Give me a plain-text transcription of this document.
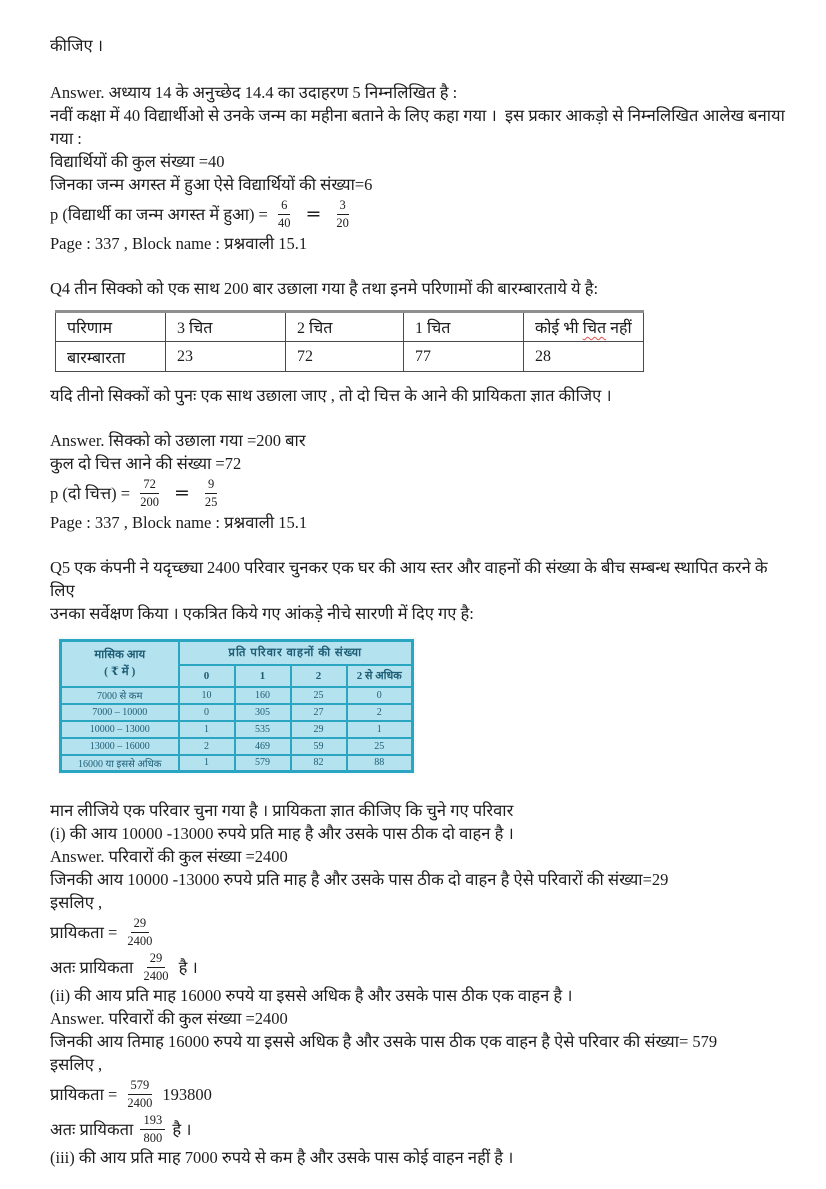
कीजिए ।

Answer. अध्याय 14 के अनुच्छेद 14.4 का उदाहरण 5 निम्नलिखित है :

नवीं कक्षा में 40 विद्यार्थीओ से उनके जन्म का महीना बताने के लिए कहा गया ।  इस प्रकार आकड़ो से निम्नलिखित आलेख बनाया

गया :

विद्यार्थियों की कुल संख्या =40

जिनका जन्म अगस्त में हुआ ऐसे विद्यार्थियों की संख्या=6

p (विद्यार्थी का जन्म अगस्त में हुआ) = $\frac{6}{40} = \frac{3}{20}$

Page : 337 , Block name : प्रश्नवाली 15.1

Q4 तीन सिक्को को एक साथ 200 बार उछाला गया है तथा इनमे परिणामों की बारम्बारताये ये है:

परिणाम	3 चित	2 चित	1 चित	कोई भी चित नहीं
बारम्बारता	23	72	77	28

यदि तीनो सिक्कों को पुनः एक साथ उछाला जाए , तो दो चित्त के आने की प्रायिकता ज्ञात कीजिए ।

Answer. सिक्को को उछाला गया =200 बार

कुल दो चित्त आने की संख्या =72

p (दो चित्त) = $\frac{72}{200} = \frac{9}{25}$

Page : 337 , Block name : प्रश्नवाली 15.1

Q5 एक कंपनी ने यदृच्छ्या 2400 परिवार चुनकर एक घर की आय स्तर और वाहनों की संख्या के बीच सम्बन्ध स्थापित करने के लिए

उनका सर्वेक्षण किया । एकत्रित किये गए आंकड़े नीचे सारणी में दिए गए है:

मासिक आय
( ₹ में )	प्रति परिवार वाहनों की संख्या			
	0	1	2	2 से अधिक
7000 से कम	10	160	25	0
7000 – 10000	0	305	27	2
10000 – 13000	1	535	29	1
13000 – 16000	2	469	59	25
16000 या इससे अधिक	1	579	82	88

मान लीजिये एक परिवार चुना गया है । प्रायिकता ज्ञात कीजिए कि चुने गए परिवार

(i) की आय 10000 -13000 रुपये प्रति माह है और उसके पास ठीक दो वाहन है ।

Answer. परिवारों की कुल संख्या =2400

जिनकी आय 10000 -13000 रुपये प्रति माह है और उसके पास ठीक दो वाहन है ऐसे परिवारों की संख्या=29

इसलिए ,

प्रायिकता = $\frac{29}{2400}$
अतः प्रायिकता $\frac{29}{2400}$ है ।

(ii) की आय प्रति माह 16000 रुपये या इससे अधिक है और उसके पास ठीक एक वाहन है ।

Answer. परिवारों की कुल संख्या =2400

जिनकी आय तिमाह 16000 रुपये या इससे अधिक है और उसके पास ठीक एक वाहन है ऐसे परिवार की संख्या= 579

इसलिए ,

प्रायिकता = $\frac{579}{2400} 193800$
अतः प्रायिकता $\frac{193}{800}$ है ।

(iii) की आय प्रति माह 7000 रुपये से कम है और उसके पास कोई वाहन नहीं है ।
